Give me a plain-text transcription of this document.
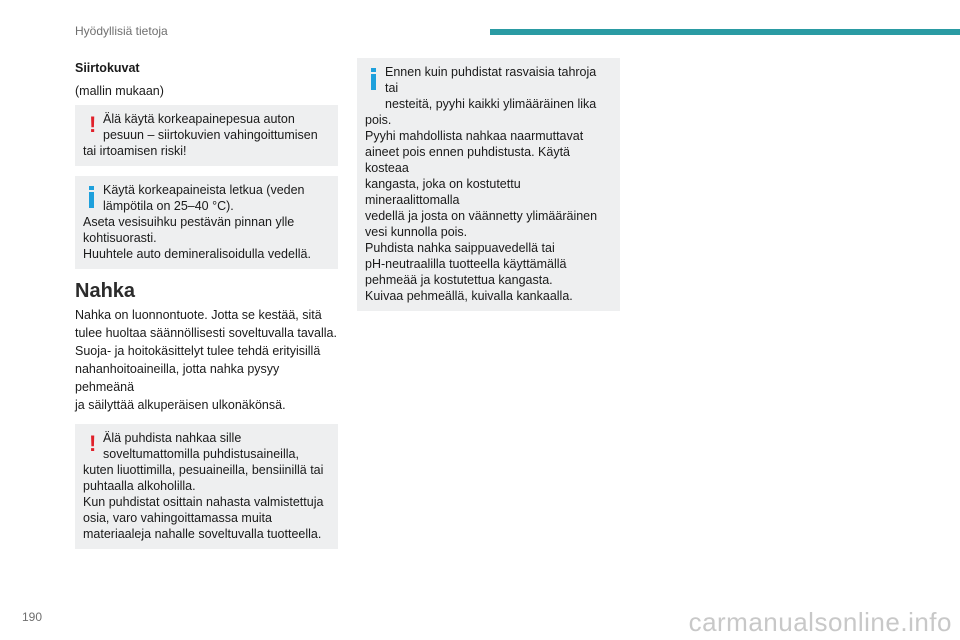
Hyödyllisiä tietoja
Siirtokuvat
(mallin mukaan)
! Älä käytä korkeapainepesua auton
pesuun – siirtokuvien vahingoittumisen
tai irtoamisen riski!
Käytä korkeapaineista letkua (veden
lämpötila on 25–40 °C).
Aseta vesisuihku pestävän pinnan ylle
kohtisuorasti.
Huuhtele auto demineralisoidulla vedellä.
Nahka
Nahka on luonnontuote. Jotta se kestää, sitä
tulee huoltaa säännöllisesti soveltuvalla tavalla.
Suoja- ja hoitokäsittelyt tulee tehdä erityisillä
nahanhoitoaineilla, jotta nahka pysyy pehmeänä
ja säilyttää alkuperäisen ulkonäkönsä.
! Älä puhdista nahkaa sille
soveltumattomilla puhdistusaineilla,
kuten liuottimilla, pesuaineilla, bensiinillä tai
puhtaalla alkoholilla.
Kun puhdistat osittain nahasta valmistettuja
osia, varo vahingoittamassa muita
materiaaleja nahalle soveltuvalla tuotteella.
Ennen kuin puhdistat rasvaisia tahroja tai
nesteitä, pyyhi kaikki ylimääräinen lika
pois.
Pyyhi mahdollista nahkaa naarmuttavat
aineet pois ennen puhdistusta. Käytä kosteaa
kangasta, joka on kostutettu mineraalittomalla
vedellä ja josta on väännetty ylimääräinen
vesi kunnolla pois.
Puhdista nahka saippuavedellä tai
pH-neutraalilla tuotteella käyttämällä
pehmeää ja kostutettua kangasta.
Kuivaa pehmeällä, kuivalla kankaalla.
190	carmanualsonline.info
